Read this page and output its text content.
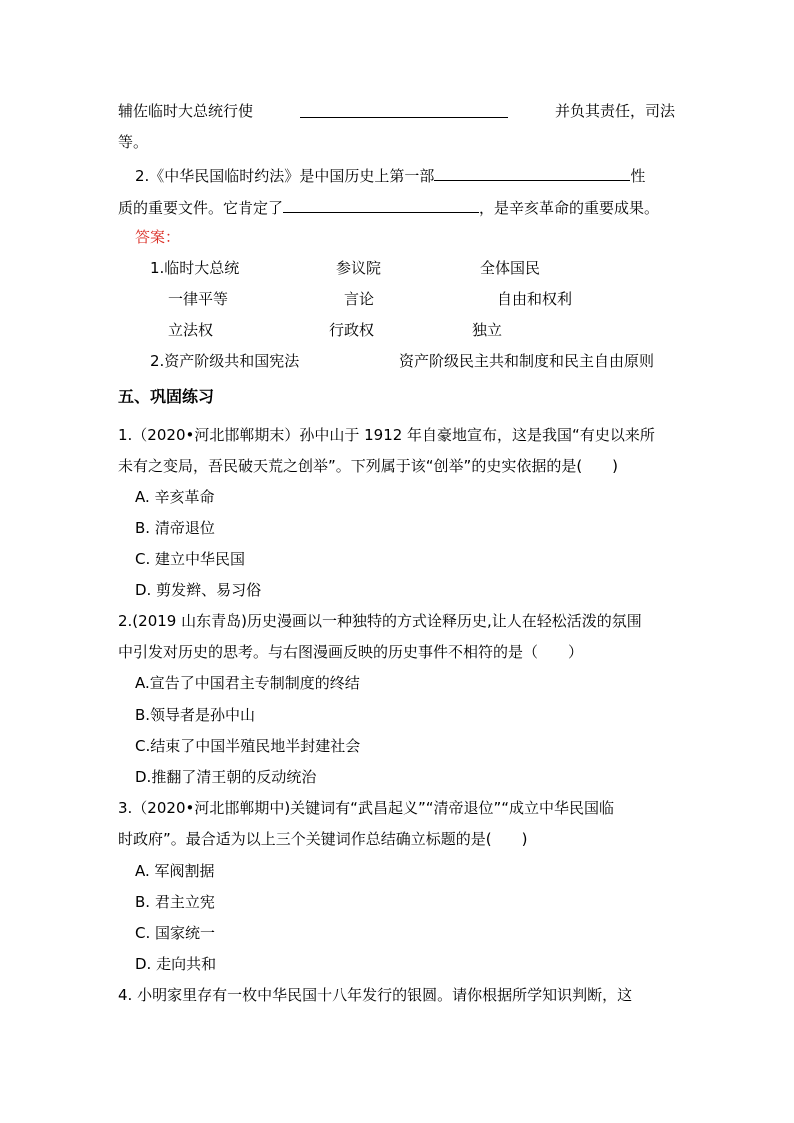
辅佐临时大总统行使	并负其责任，司法
等。
2.《中华民国临时约法》是中国历史上第一部	性
质的重要文件。它肯定了	，是辛亥革命的重要成果。
答案：
1.临时大总统	参议院	全体国民
一律平等	言论	自由和权利
立法权	行政权	独立
2.资产阶级共和国宪法	资产阶级民主共和制度和民主自由原则
五、巩固练习
1.（2020•河北邯郸期末）孙中山于 1912 年自豪地宣布，这是我国“有史以来所
未有之变局，吾民破天荒之创举”。下列属于该“创举”的史实依据的是(　　)
A. 辛亥革命
B. 清帝退位
C. 建立中华民国
D. 剪发辫、易习俗
2.(2019 山东青岛)历史漫画以一种独特的方式诠释历史,让人在轻松活泼的氛围
中引发对历史的思考。与右图漫画反映的历史事件不相符的是（　　）
A.宣告了中国君主专制制度的终结
B.领导者是孙中山
C.结束了中国半殖民地半封建社会
D.推翻了清王朝的反动统治
3.（2020•河北邯郸期中)关键词有“武昌起义”“清帝退位”“成立中华民国临
时政府”。最合适为以上三个关键词作总结确立标题的是(　　)
A. 军阀割据
B. 君主立宪
C. 国家统一
D. 走向共和
4. 小明家里存有一枚中华民国十八年发行的银圆。请你根据所学知识判断，这
